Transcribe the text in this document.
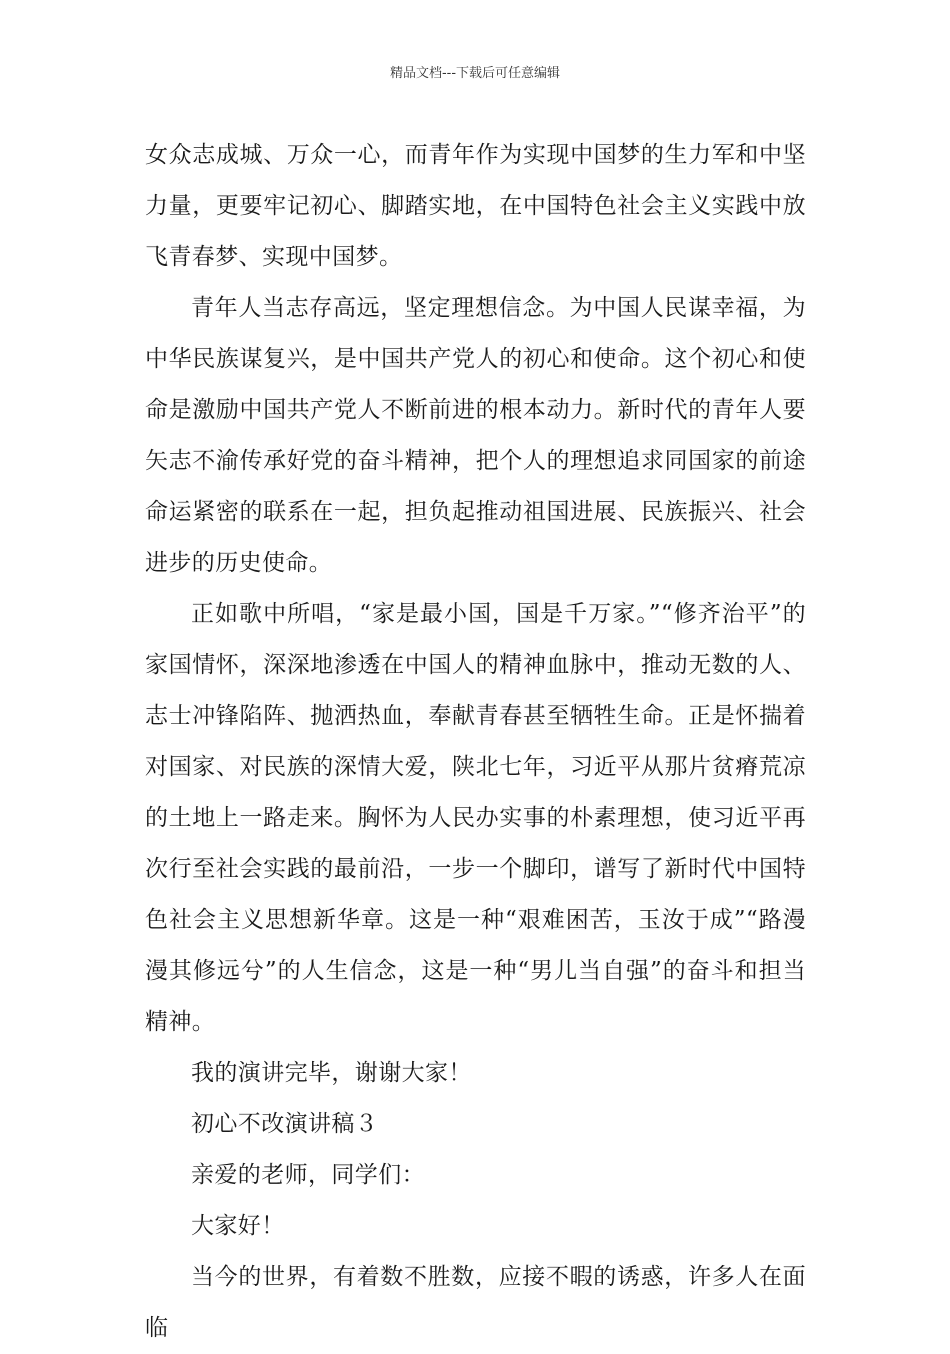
精品文档---下载后可任意编辑

女众志成城、万众一心，而青年作为实现中国梦的生力军和中坚力量，更要牢记初心、脚踏实地，在中国特色社会主义实践中放飞青春梦、实现中国梦。

青年人当志存高远，坚定理想信念。为中国人民谋幸福，为中华民族谋复兴，是中国共产党人的初心和使命。这个初心和使命是激励中国共产党人不断前进的根本动力。新时代的青年人要矢志不渝传承好党的奋斗精神，把个人的理想追求同国家的前途命运紧密的联系在一起，担负起推动祖国进展、民族振兴、社会进步的历史使命。

正如歌中所唱，“家是最小国，国是千万家。”“修齐治平”的家国情怀，深深地渗透在中国人的精神血脉中，推动无数的人、志士冲锋陷阵、抛洒热血，奉献青春甚至牺牲生命。正是怀揣着对国家、对民族的深情大爱，陕北七年，习近平从那片贫瘠荒凉的土地上一路走来。胸怀为人民办实事的朴素理想，使习近平再次行至社会实践的最前沿，一步一个脚印，谱写了新时代中国特色社会主义思想新华章。这是一种“艰难困苦，玉汝于成”“路漫漫其修远兮”的人生信念，这是一种“男儿当自强”的奋斗和担当精神。

我的演讲完毕，谢谢大家！

初心不改演讲稿３

亲爱的老师，同学们：

大家好！

当今的世界，有着数不胜数，应接不暇的诱惑，许多人在面临
